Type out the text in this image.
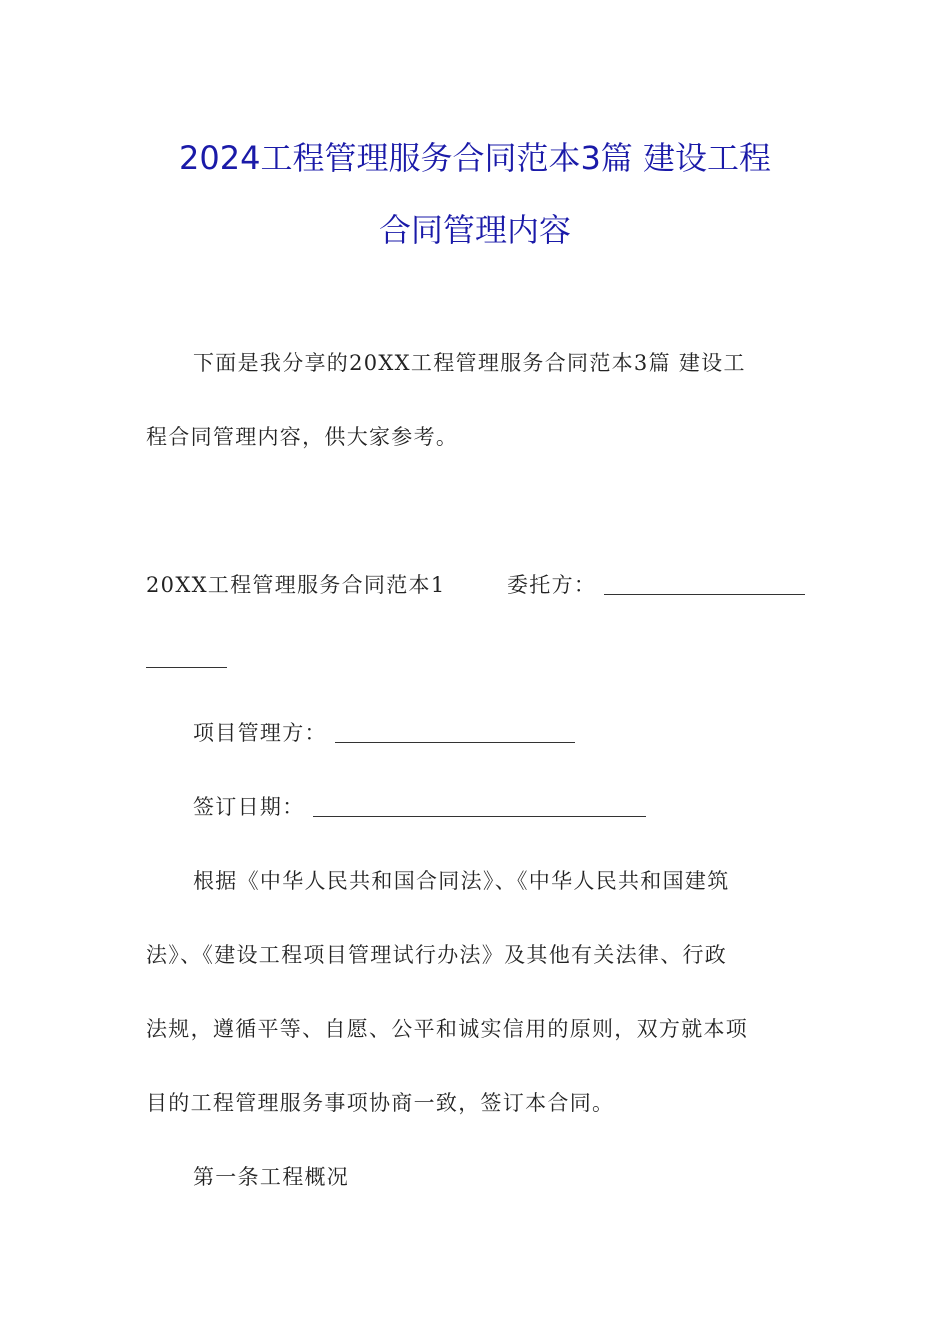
2024工程管理服务合同范本3篇 建设工程
合同管理内容
下面是我分享的20XX工程管理服务合同范本3篇 建设工
程合同管理内容，供大家参考。
20XX工程管理服务合同范本1	委托方：
项目管理方：
签订日期：
根据《中华人民共和国合同法》、《中华人民共和国建筑
法》、《建设工程项目管理试行办法》及其他有关法律、行政
法规，遵循平等、自愿、公平和诚实信用的原则，双方就本项
目的工程管理服务事项协商一致，签订本合同。
第一条工程概况
